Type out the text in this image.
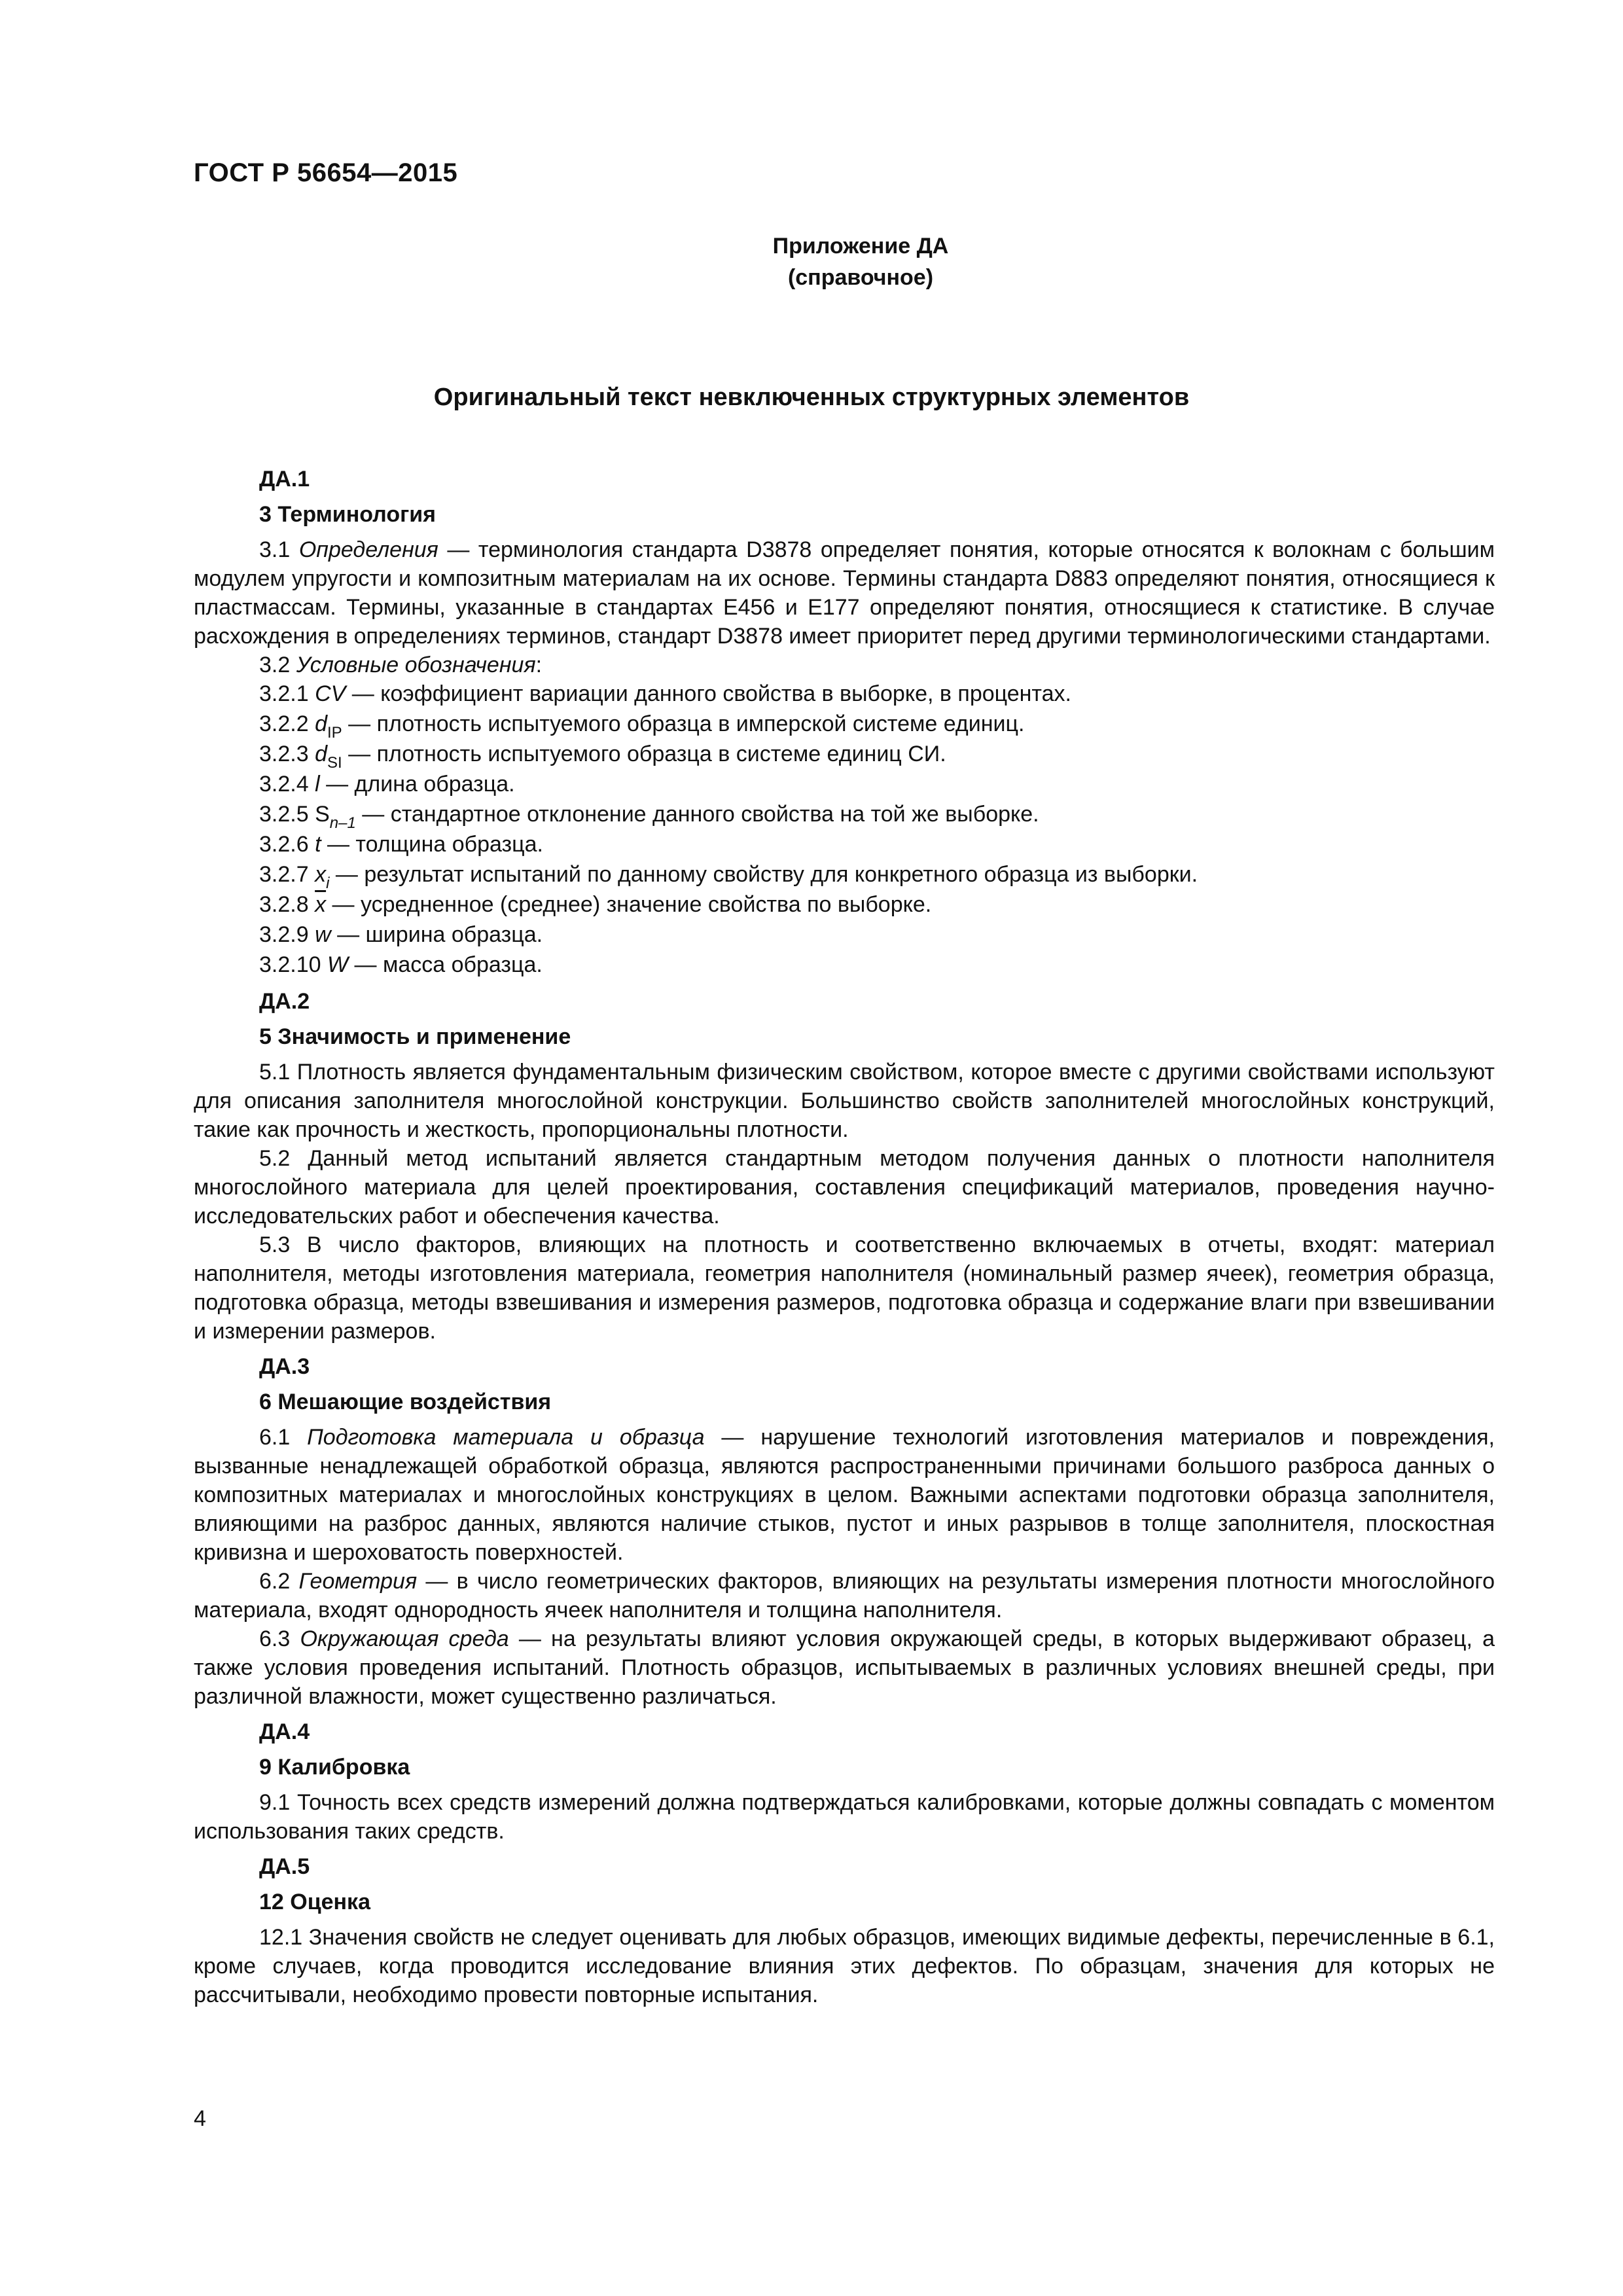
ГОСТ Р 56654—2015
Приложение ДА
(справочное)
Оригинальный текст невключенных структурных элементов
ДА.1
3 Терминология

3.1 Определения — терминология стандарта D3878 определяет понятия, которые относятся к волокнам с большим модулем упругости и композитным материалам на их основе. Термины стандарта D883 определяют понятия, относящиеся к пластмассам. Термины, указанные в стандартах Е456 и Е177 определяют понятия, относящиеся к статистике. В случае расхождения в определениях терминов, стандарт D3878 имеет приоритет перед другими терминологическими стандартами.

3.2 Условные обозначения:

3.2.1 CV — коэффициент вариации данного свойства в выборке, в процентах.
3.2.2 $d_{IP}$ — плотность испытуемого образца в имперской системе единиц.
3.2.3 $d_{SI}$ — плотность испытуемого образца в системе единиц СИ.
3.2.4 l — длина образца.
3.2.5 $S_{n-1}$ — стандартное отклонение данного свойства на той же выборке.
3.2.6 t — толщина образца.
3.2.7 $x_i$ — результат испытаний по данному свойству для конкретного образца из выборки.
3.2.8 $\overline{x}$ — усредненное (среднее) значение свойства по выборке.
3.2.9 w — ширина образца.
3.2.10 W — масса образца.
ДА.2
5 Значимость и применение

5.1 Плотность является фундаментальным физическим свойством, которое вместе с другими свойствами используют для описания заполнителя многослойной конструкции. Большинство свойств заполнителей многослойных конструкций, такие как прочность и жесткость, пропорциональны плотности.

5.2 Данный метод испытаний является стандартным методом получения данных о плотности наполнителя многослойного материала для целей проектирования, составления спецификаций материалов, проведения научно-исследовательских работ и обеспечения качества.

5.3 В число факторов, влияющих на плотность и соответственно включаемых в отчеты, входят: материал наполнителя, методы изготовления материала, геометрия наполнителя (номинальный размер ячеек), геометрия образца, подготовка образца, методы взвешивания и измерения размеров, подготовка образца и содержание влаги при взвешивании и измерении размеров.

ДА.3
6 Мешающие воздействия

6.1 Подготовка материала и образца — нарушение технологий изготовления материалов и повреждения, вызванные ненадлежащей обработкой образца, являются распространенными причинами большого разброса данных о композитных материалах и многослойных конструкциях в целом. Важными аспектами подготовки образца заполнителя, влияющими на разброс данных, являются наличие стыков, пустот и иных разрывов в толще заполнителя, плоскостная кривизна и шероховатость поверхностей.

6.2 Геометрия — в число геометрических факторов, влияющих на результаты измерения плотности многослойного материала, входят однородность ячеек наполнителя и толщина наполнителя.

6.3 Окружающая среда — на результаты влияют условия окружающей среды, в которых выдерживают образец, а также условия проведения испытаний. Плотность образцов, испытываемых в различных условиях внешней среды, при различной влажности, может существенно различаться.

ДА.4
9 Калибровка

9.1 Точность всех средств измерений должна подтверждаться калибровками, которые должны совпадать с моментом использования таких средств.

ДА.5
12 Оценка

12.1 Значения свойств не следует оценивать для любых образцов, имеющих видимые дефекты, перечисленные в 6.1, кроме случаев, когда проводится исследование влияния этих дефектов. По образцам, значения для которых не рассчитывали, необходимо провести повторные испытания.

4
